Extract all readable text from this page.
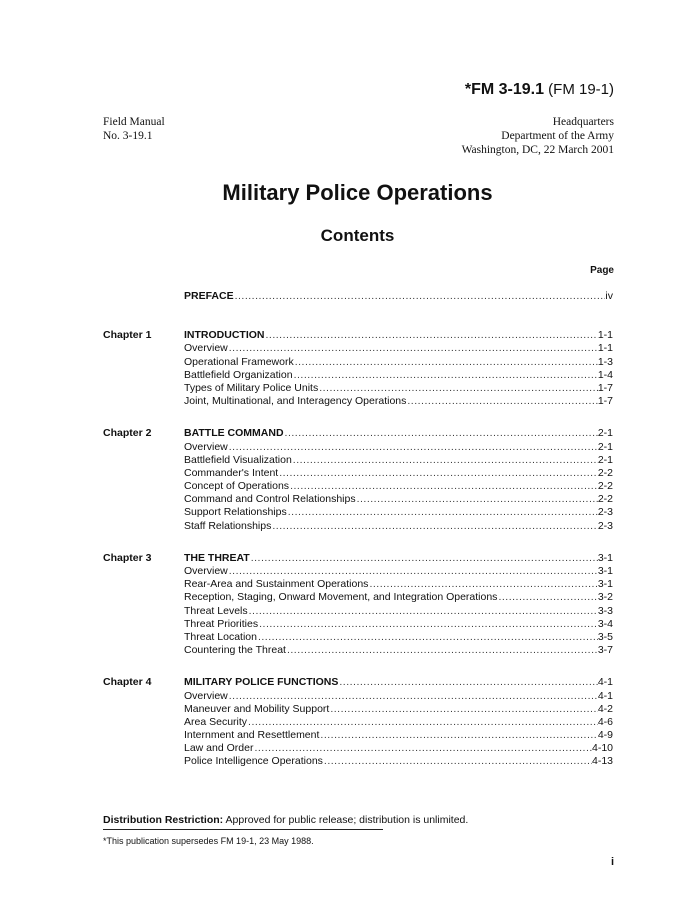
*FM 3-19.1 (FM 19-1)
Field Manual
No. 3-19.1
Headquarters
Department of the Army
Washington, DC, 22 March 2001
Military Police Operations
Contents
Page
PREFACE .....	iv
Chapter 1	INTRODUCTION .....	1-1
Overview .....	1-1
Operational Framework .....	1-3
Battlefield Organization .....	1-4
Types of Military Police Units .....	1-7
Joint, Multinational, and Interagency Operations .....	1-7
Chapter 2	BATTLE COMMAND .....	2-1
Overview .....	2-1
Battlefield Visualization .....	2-1
Commander's Intent .....	2-2
Concept of Operations .....	2-2
Command and Control Relationships .....	2-2
Support Relationships .....	2-3
Staff Relationships .....	2-3
Chapter 3	THE THREAT .....	3-1
Overview .....	3-1
Rear-Area and Sustainment Operations .....	3-1
Reception, Staging, Onward Movement, and Integration Operations .....	3-2
Threat Levels .....	3-3
Threat Priorities .....	3-4
Threat Location .....	3-5
Countering the Threat .....	3-7
Chapter 4	MILITARY POLICE FUNCTIONS .....	4-1
Overview .....	4-1
Maneuver and Mobility Support .....	4-2
Area Security .....	4-6
Internment and Resettlement .....	4-9
Law and Order .....	4-10
Police Intelligence Operations .....	4-13
Distribution Restriction: Approved for public release; distribution is unlimited.
*This publication supersedes FM 19-1, 23 May 1988.
i
